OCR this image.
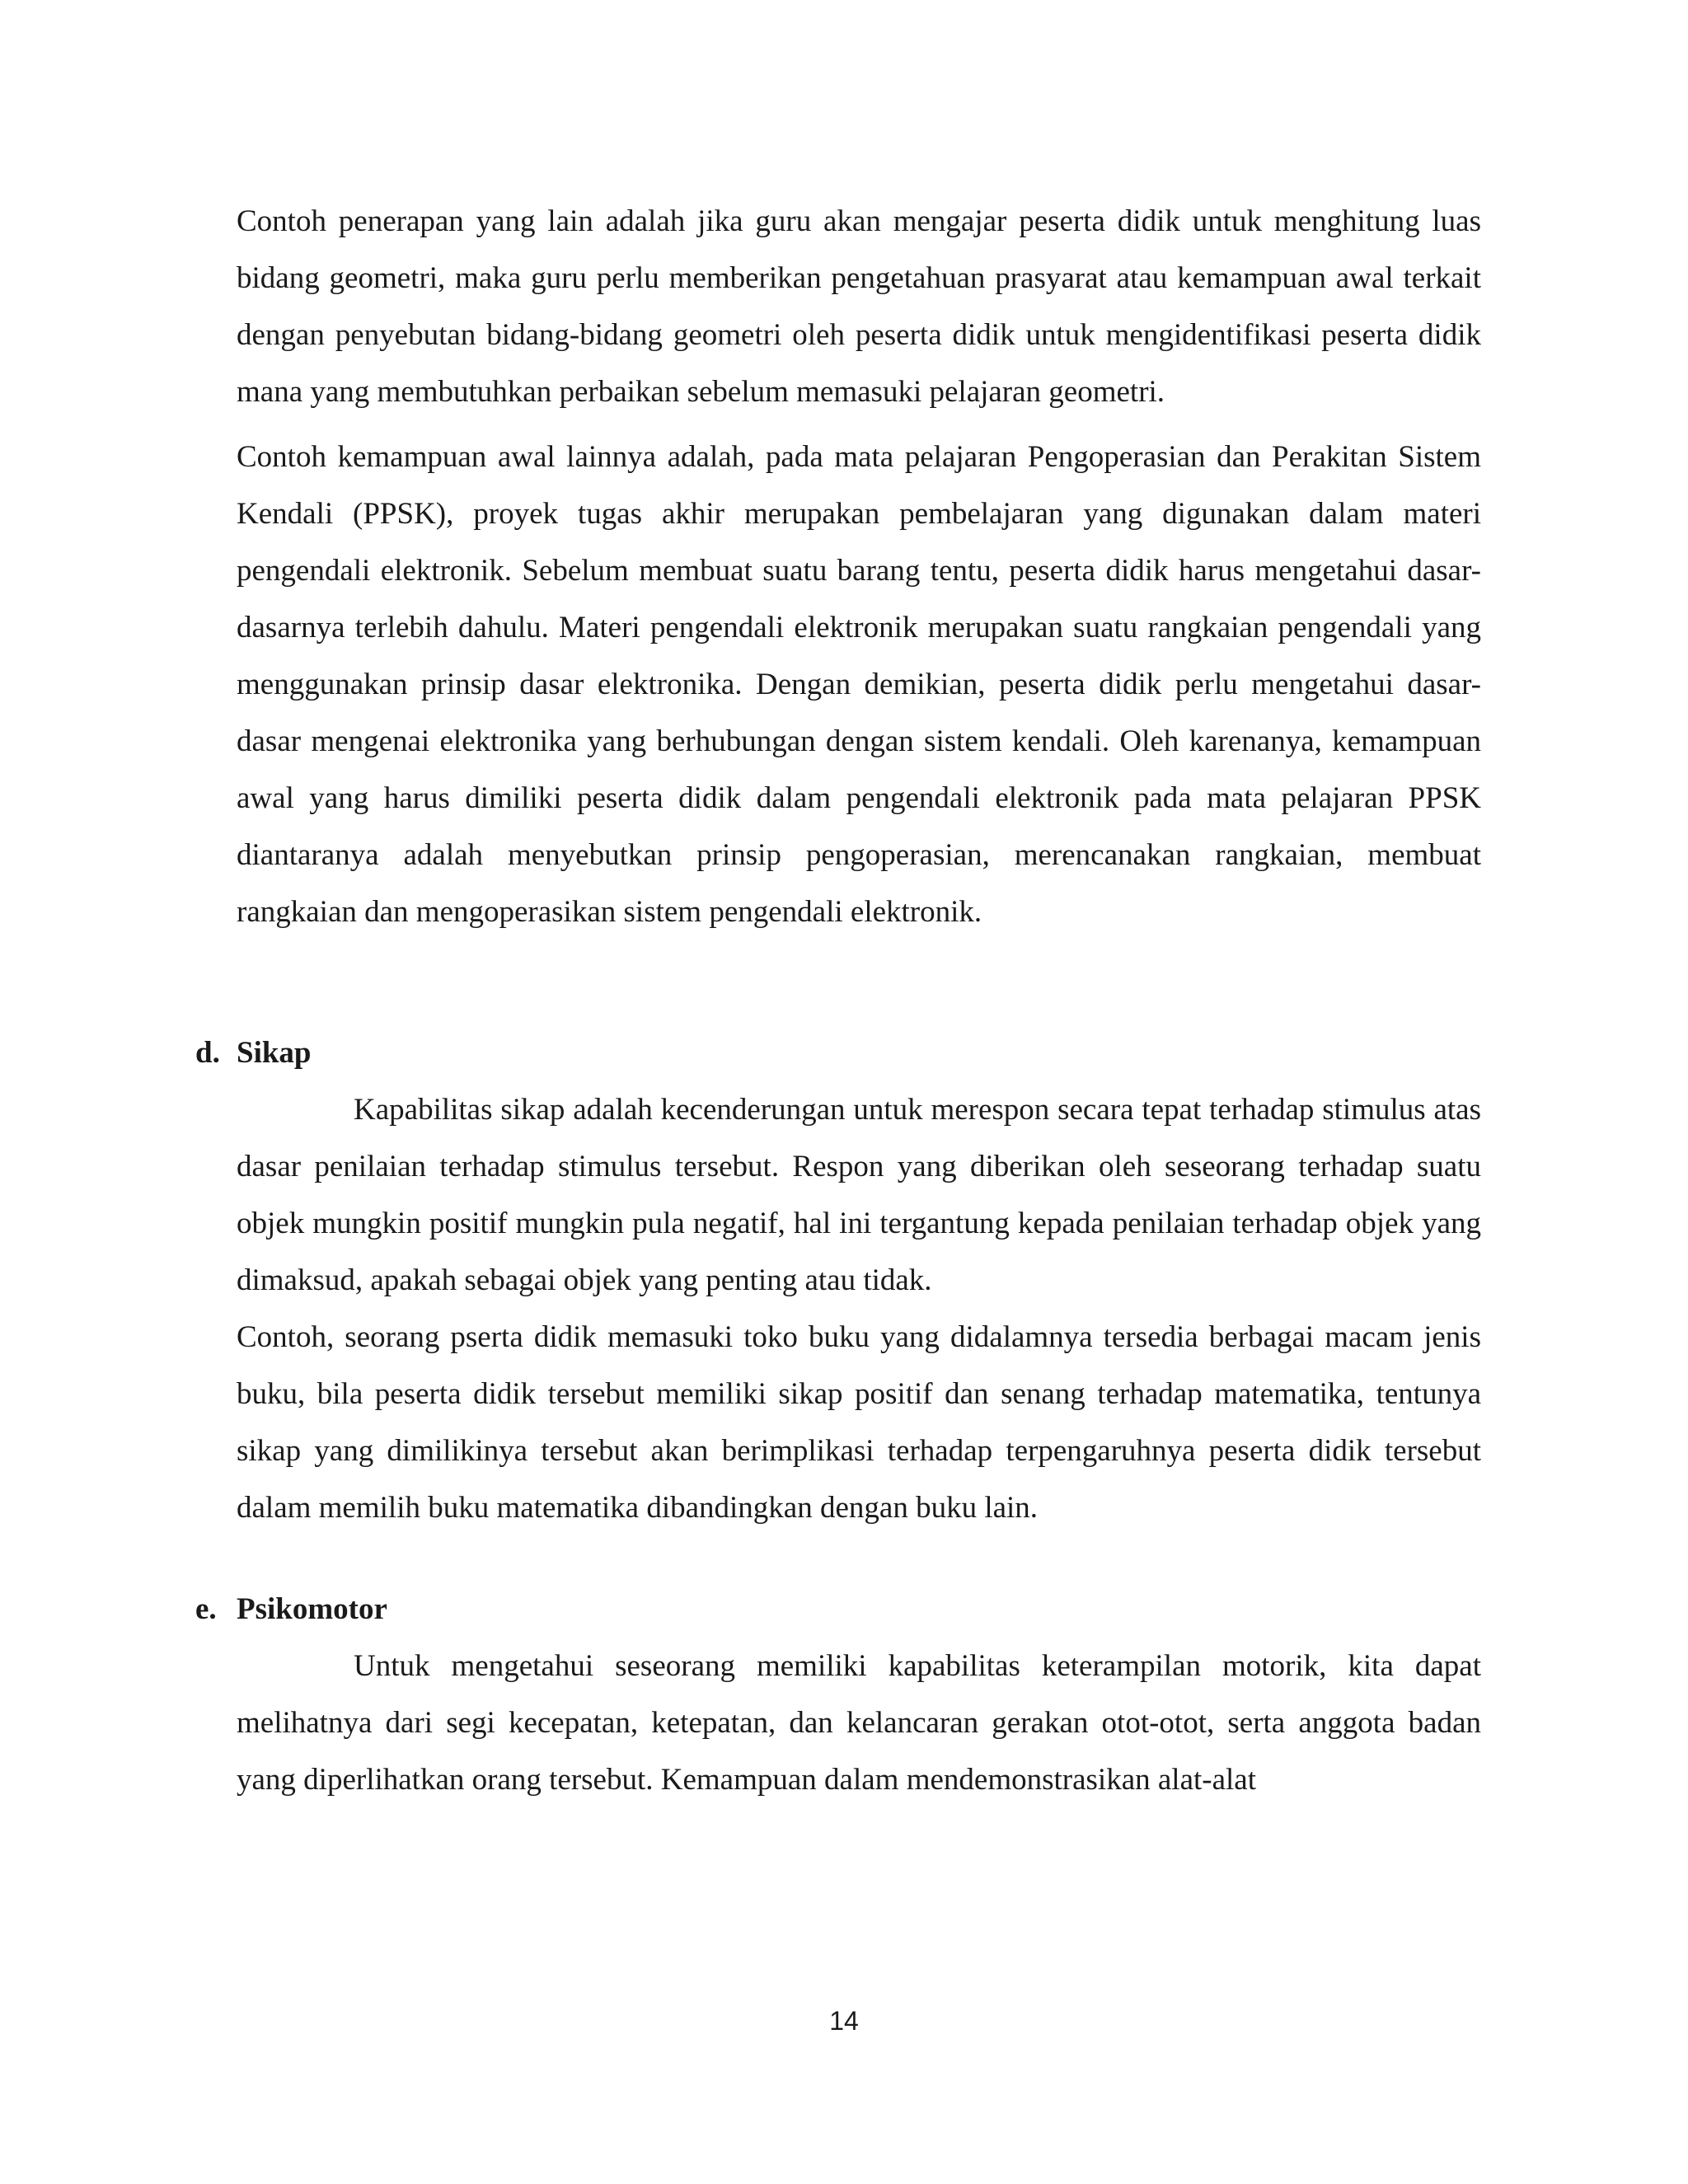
Contoh penerapan yang lain adalah jika guru akan mengajar peserta didik untuk menghitung luas bidang geometri, maka guru perlu memberikan pengetahuan prasyarat atau kemampuan awal terkait dengan penyebutan bidang-bidang geometri oleh peserta didik untuk mengidentifikasi peserta didik mana yang membutuhkan perbaikan sebelum memasuki pelajaran geometri.

Contoh kemampuan awal lainnya adalah, pada mata pelajaran Pengoperasian dan Perakitan Sistem Kendali (PPSK), proyek tugas akhir merupakan pembelajaran yang digunakan dalam materi pengendali elektronik. Sebelum membuat suatu barang tentu, peserta didik harus mengetahui dasar-dasarnya terlebih dahulu. Materi pengendali elektronik merupakan suatu rangkaian pengendali yang menggunakan prinsip dasar elektronika. Dengan demikian, peserta didik perlu mengetahui dasar-dasar mengenai elektronika yang berhubungan dengan sistem kendali. Oleh karenanya, kemampuan awal yang harus dimiliki peserta didik dalam pengendali elektronik pada mata pelajaran PPSK diantaranya adalah menyebutkan prinsip pengoperasian, merencanakan rangkaian, membuat rangkaian dan mengoperasikan sistem pengendali elektronik.

d. Sikap

Kapabilitas sikap adalah kecenderungan untuk merespon secara tepat terhadap stimulus atas dasar penilaian terhadap stimulus tersebut. Respon yang diberikan oleh seseorang terhadap suatu objek mungkin positif mungkin pula negatif, hal ini tergantung kepada penilaian terhadap objek yang dimaksud, apakah sebagai objek yang penting atau tidak.

Contoh, seorang pserta didik memasuki toko buku yang didalamnya tersedia berbagai macam jenis buku, bila peserta didik tersebut memiliki sikap positif dan senang terhadap matematika, tentunya sikap yang dimilikinya tersebut akan berimplikasi terhadap terpengaruhnya peserta didik tersebut dalam memilih buku matematika dibandingkan dengan buku lain.

e. Psikomotor

Untuk mengetahui seseorang memiliki kapabilitas keterampilan motorik, kita dapat melihatnya dari segi kecepatan, ketepatan, dan kelancaran gerakan otot-otot, serta anggota badan yang diperlihatkan orang tersebut. Kemampuan dalam mendemonstrasikan alat-alat

14
